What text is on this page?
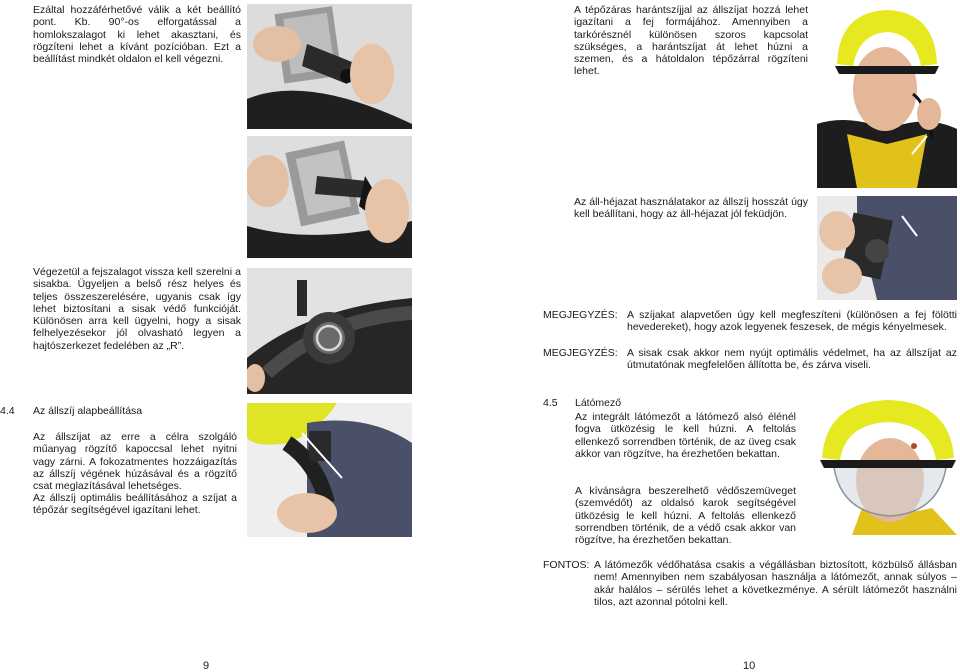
Ezáltal hozzáférhetővé válik a két beállító pont. Kb. 90°-os elforgatással a homlokszalagot ki lehet akasztani, és rögzíteni lehet a kívánt pozícióban. Ezt a beállítást mindkét oldalon el kell végezni.

Végezetül a fejszalagot vissza kell szerelni a sisakba. Ügyeljen a belső rész helyes és teljes összeszerelésére, ugyanis csak így lehet biztosítani a sisak védő funkcióját. Különösen arra kell ügyelni, hogy a sisak felhelyezésekor jól olvasható legyen a hajtószerkezet fedelében az „R”.

4.4 Az állszíj alapbeállítása

Az állszíjat az erre a célra szolgáló műanyag rögzítő kapoccsal lehet nyitni vagy zárni. A fokozatmentes hozzáigazítás az állszíj végének húzásával és a rögzítő csat meglazításával lehetséges.

Az állszíj optimális beállításához a szíjat a tépőzár segítségével igazítani lehet.

9

A tépőzáras harántszíjjal az állszíjat hozzá lehet igazítani a fej formájához. Amennyiben a tarkórésznél különösen szoros kapcsolat szükséges, a harántszíjat át lehet húzni a szemen, és a hátoldalon tépőzárral rögzíteni lehet.

Az áll-héjazat használatakor az állszíj hosszát úgy kell beállítani, hogy az áll-héjazat jól feküdjön.

MEGJEGYZÉS: A szíjakat alapvetően úgy kell megfeszíteni (különösen a fej fölötti hevedereket), hogy azok legyenek feszesek, de mégis kényelmesek.

MEGJEGYZÉS: A sisak csak akkor nem nyújt optimális védelmet, ha az állszíjat az útmutatónak megfelelően állította be, és zárva viseli.

4.5 Látómező

Az integrált látómezőt a látómező alsó élénél fogva ütközésig le kell húzni. A feltolás ellenkező sorrendben történik, de az üveg csak akkor van rögzítve, ha érezhetően bekattan.

A kívánságra beszerelhető védőszemüveget (szemvédőt) az oldalsó karok segítségével ütközésig le kell húzni. A feltolás ellenkező sorrendben történik, de a védő csak akkor van rögzítve, ha érezhetően bekattan.

FONTOS: A látómezők védőhatása csakis a végállásban biztosított, közbülső állásban nem! Amennyiben nem szabályosan használja a látómezőt, annak súlyos – akár halálos – sérülés lehet a következménye. A sérült látómezőt használni tilos, azt azonnal pótolni kell.

10
